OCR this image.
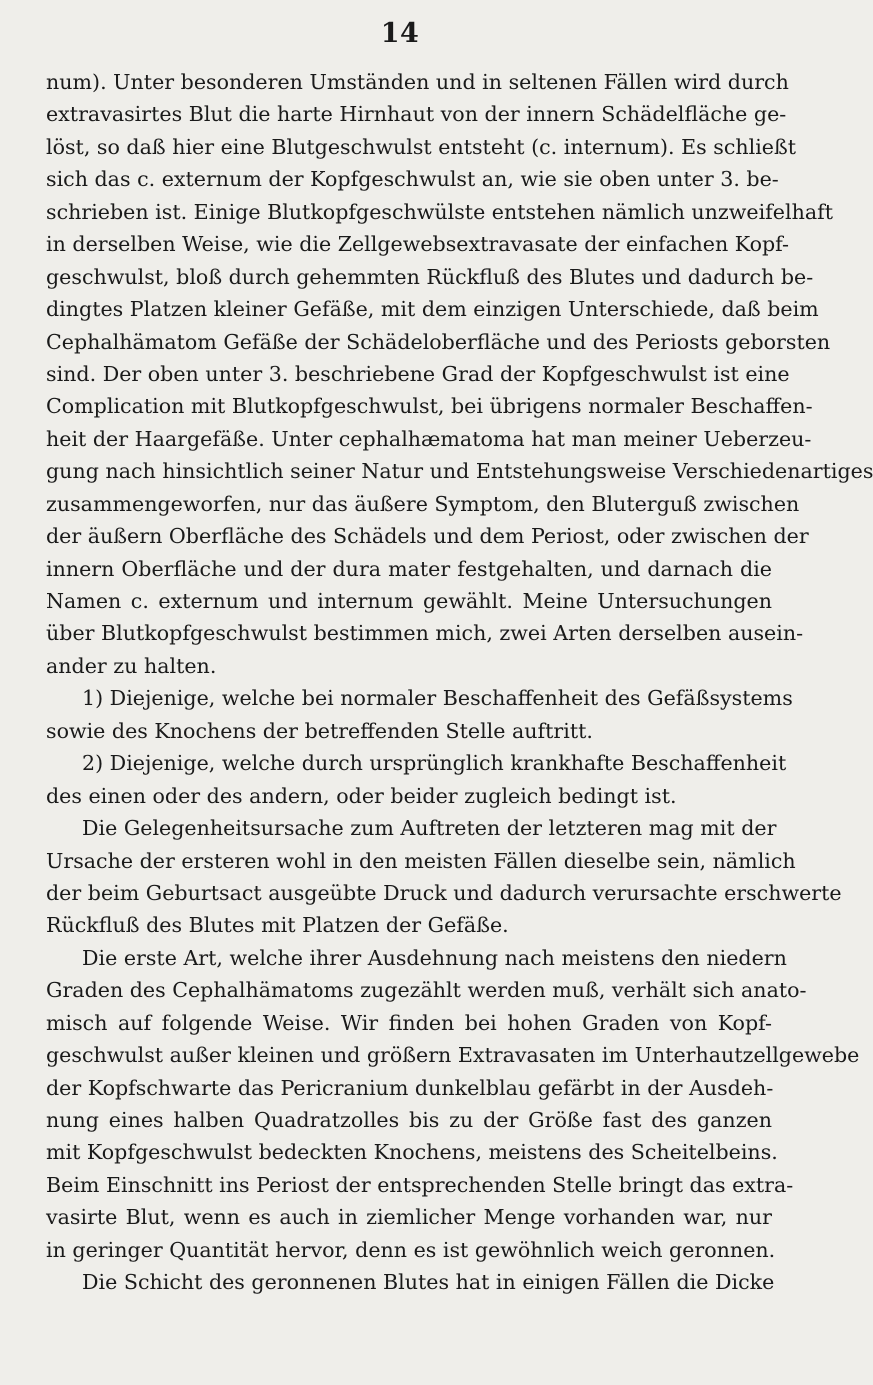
14
num). Unter besonderen Umständen und in seltenen Fällen wird durch
extravasirtes Blut die harte Hirnhaut von der innern Schädelfläche ge-
löst, so daß hier eine Blutgeschwulst entsteht (c. internum). Es schließt
sich das c. externum der Kopfgeschwulst an, wie sie oben unter 3. be-
schrieben ist. Einige Blutkopfgeschwülste entstehen nämlich unzweifelhaft
in derselben Weise, wie die Zellgewebsextravasate der einfachen Kopf-
geschwulst, bloß durch gehemmten Rückfluß des Blutes und dadurch be-
dingtes Platzen kleiner Gefäße, mit dem einzigen Unterschiede, daß beim
Cephalhämatom Gefäße der Schädeloberfläche und des Periosts geborsten
sind. Der oben unter 3. beschriebene Grad der Kopfgeschwulst ist eine
Complication mit Blutkopfgeschwulst, bei übrigens normaler Beschaffen-
heit der Haargefäße. Unter cephalhæmatoma hat man meiner Ueberzeu-
gung nach hinsichtlich seiner Natur und Entstehungsweise Verschiedenartiges
zusammengeworfen, nur das äußere Symptom, den Bluterguß zwischen
der äußern Oberfläche des Schädels und dem Periost, oder zwischen der
innern Oberfläche und der dura mater festgehalten, und darnach die
Namen c. externum und internum gewählt. Meine Untersuchungen
über Blutkopfgeschwulst bestimmen mich, zwei Arten derselben ausein-
ander zu halten.
1) Diejenige, welche bei normaler Beschaffenheit des Gefäßsystems
sowie des Knochens der betreffenden Stelle auftritt.
2) Diejenige, welche durch ursprünglich krankhafte Beschaffenheit
des einen oder des andern, oder beider zugleich bedingt ist.
Die Gelegenheitsursache zum Auftreten der letzteren mag mit der
Ursache der ersteren wohl in den meisten Fällen dieselbe sein, nämlich
der beim Geburtsact ausgeübte Druck und dadurch verursachte erschwerte
Rückfluß des Blutes mit Platzen der Gefäße.
Die erste Art, welche ihrer Ausdehnung nach meistens den niedern
Graden des Cephalhämatoms zugezählt werden muß, verhält sich anato-
misch auf folgende Weise. Wir finden bei hohen Graden von Kopf-
geschwulst außer kleinen und größern Extravasaten im Unterhautzellgewebe
der Kopfschwarte das Pericranium dunkelblau gefärbt in der Ausdeh-
nung eines halben Quadratzolles bis zu der Größe fast des ganzen
mit Kopfgeschwulst bedeckten Knochens, meistens des Scheitelbeins.
Beim Einschnitt ins Periost der entsprechenden Stelle bringt das extra-
vasirte Blut, wenn es auch in ziemlicher Menge vorhanden war, nur
in geringer Quantität hervor, denn es ist gewöhnlich weich geronnen.
Die Schicht des geronnenen Blutes hat in einigen Fällen die Dicke
